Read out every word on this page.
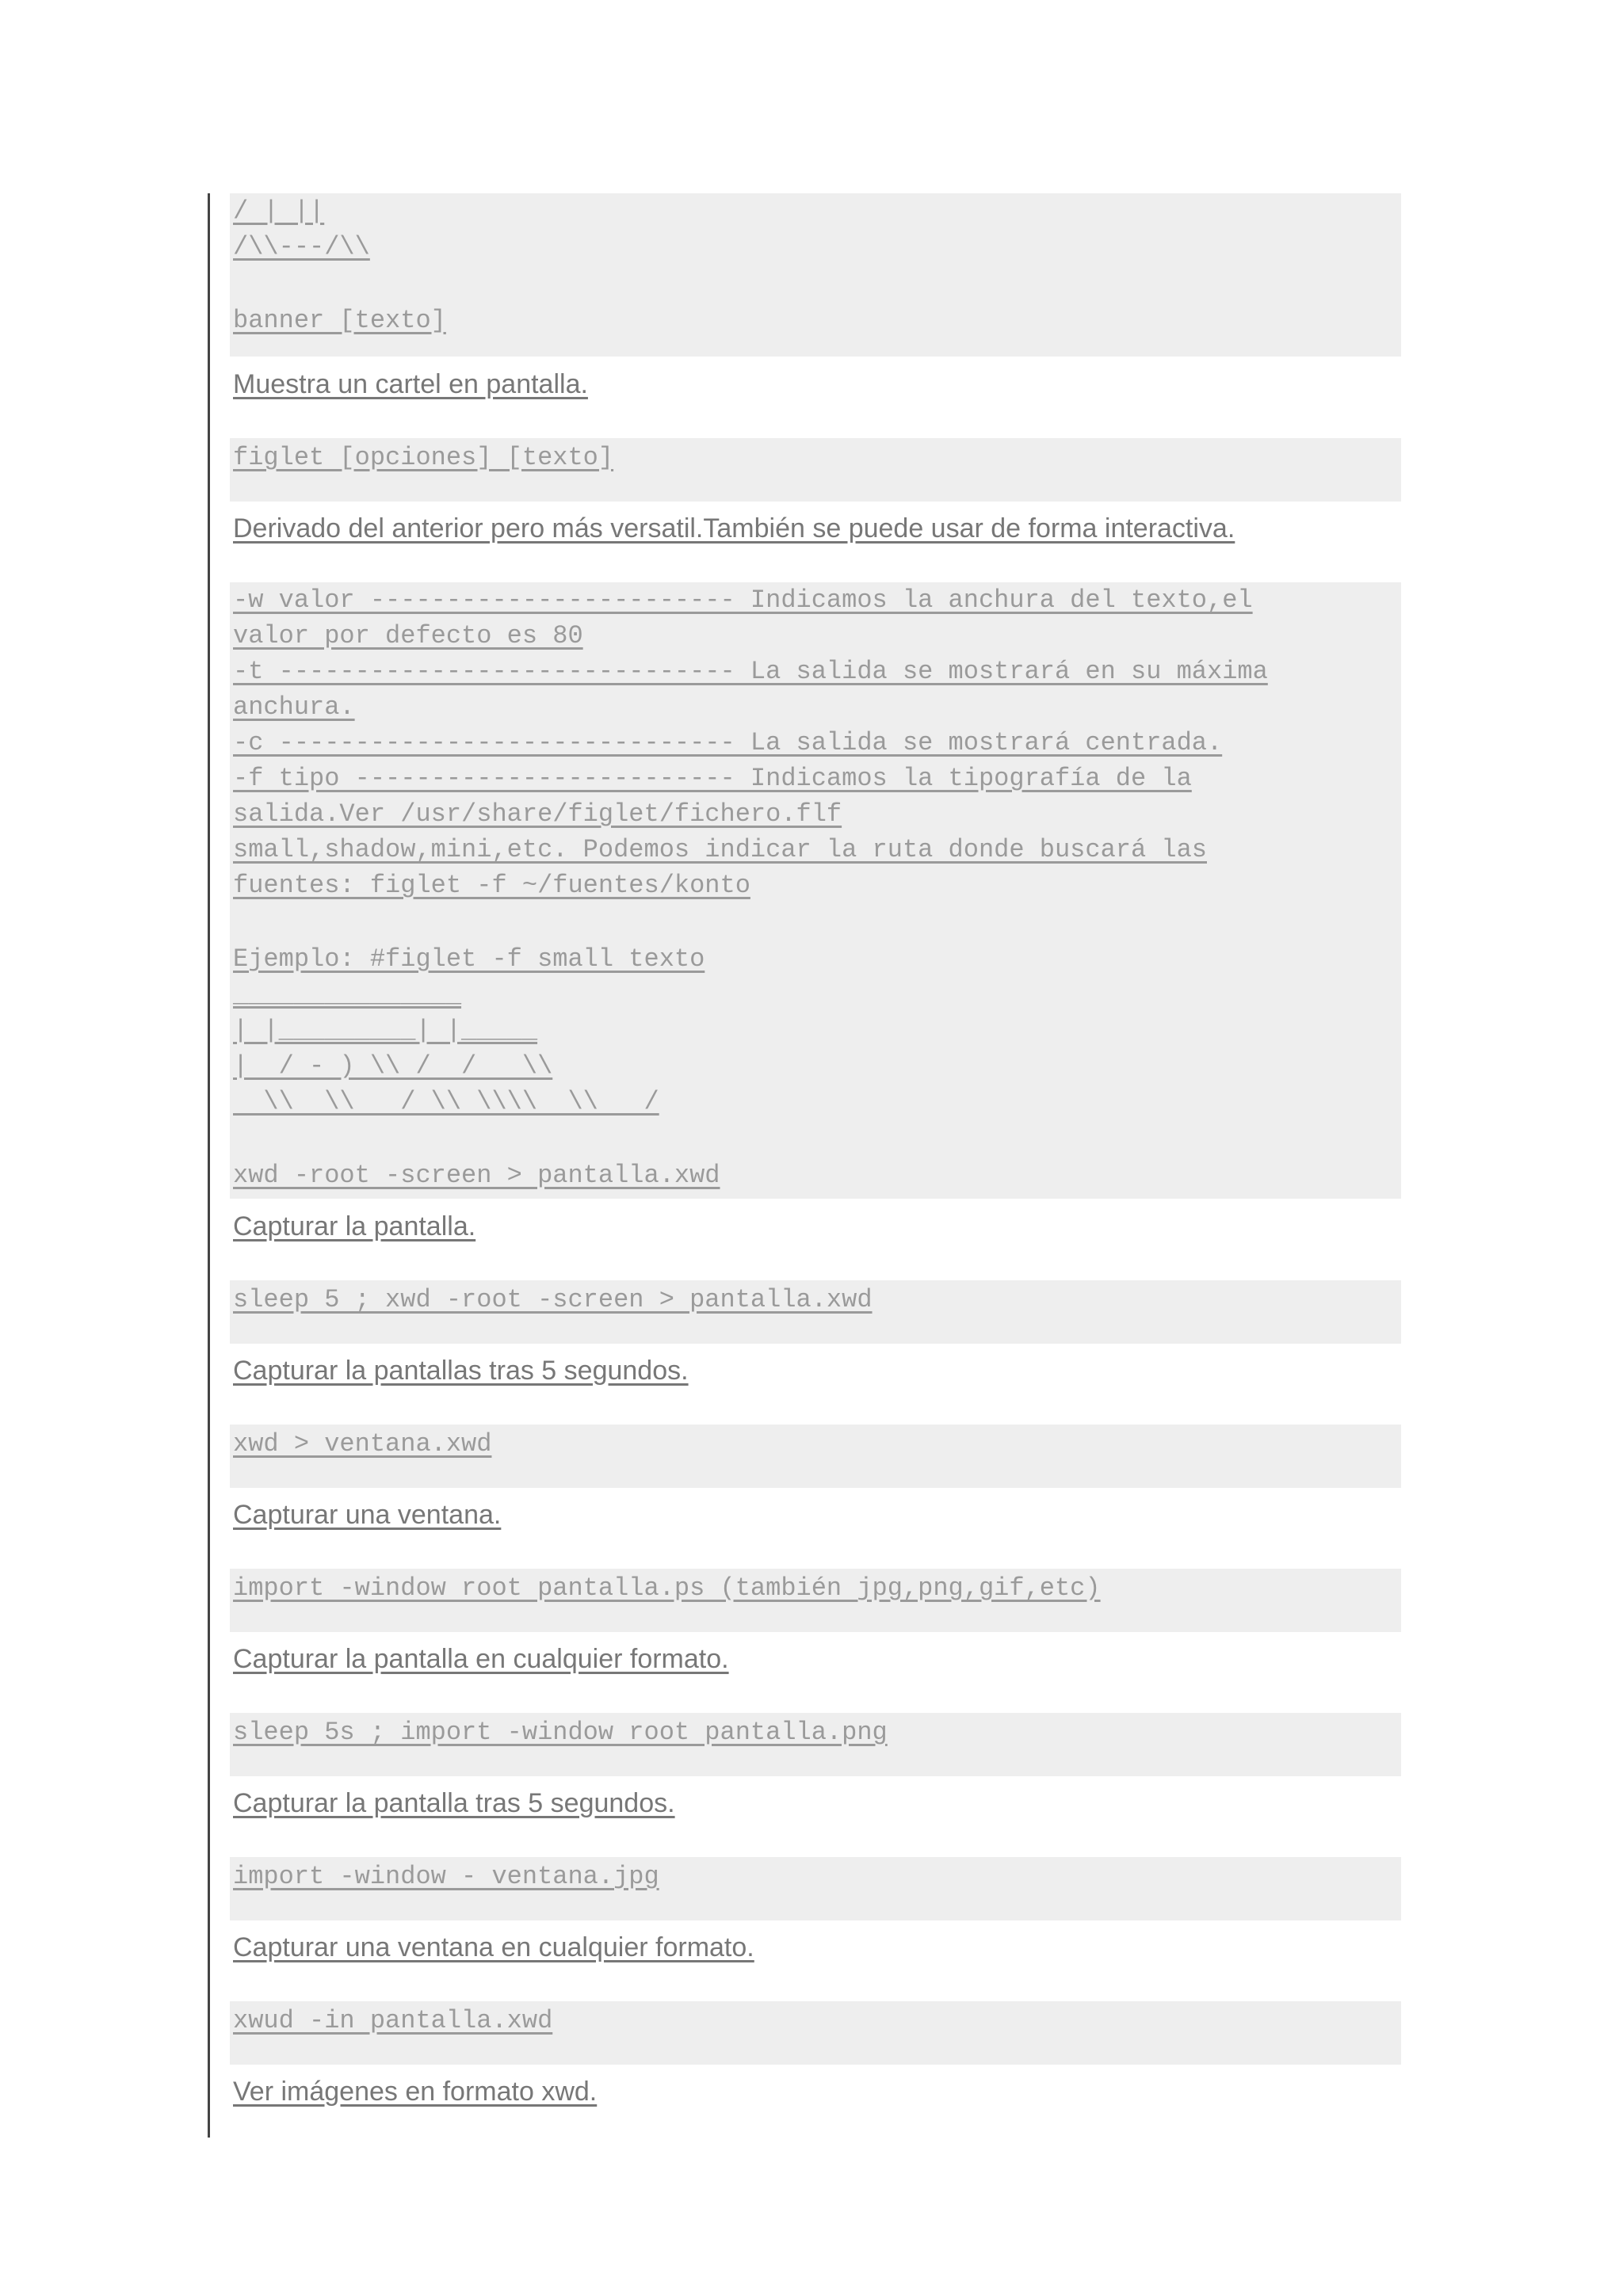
/ | ||
/\\---/\\
banner [texto]
Muestra un cartel en pantalla.
figlet [opciones] [texto]
Derivado del anterior pero más versatil.También se puede usar de forma interactiva.
-w valor ------------------------ Indicamos la anchura del texto,el
valor por defecto es 80
-t ------------------------------ La salida se mostrará en su máxima
anchura.
-c ------------------------------ La salida se mostrará centrada.
-f tipo ------------------------- Indicamos la tipografía de la
salida.Ver /usr/share/figlet/fichero.flf
small,shadow,mini,etc. Podemos indicar la ruta donde buscará las
fuentes: figlet -f ~/fuentes/konto
Ejemplo: #figlet -f small texto
_______________
| |_________| |_____
|  / - ) \\ /  /   \\
\\  \\   / \\ \\\\  \\   /
xwd -root -screen > pantalla.xwd
Capturar la pantalla.
sleep 5 ; xwd -root -screen > pantalla.xwd
Capturar la pantallas tras 5 segundos.
xwd > ventana.xwd
Capturar una ventana.
import -window root pantalla.ps (también jpg,png,gif,etc)
Capturar la pantalla en cualquier formato.
sleep 5s ; import -window root pantalla.png
Capturar la pantalla tras 5 segundos.
import -window - ventana.jpg
Capturar una ventana en cualquier formato.
xwud -in pantalla.xwd
Ver imágenes en formato xwd.
